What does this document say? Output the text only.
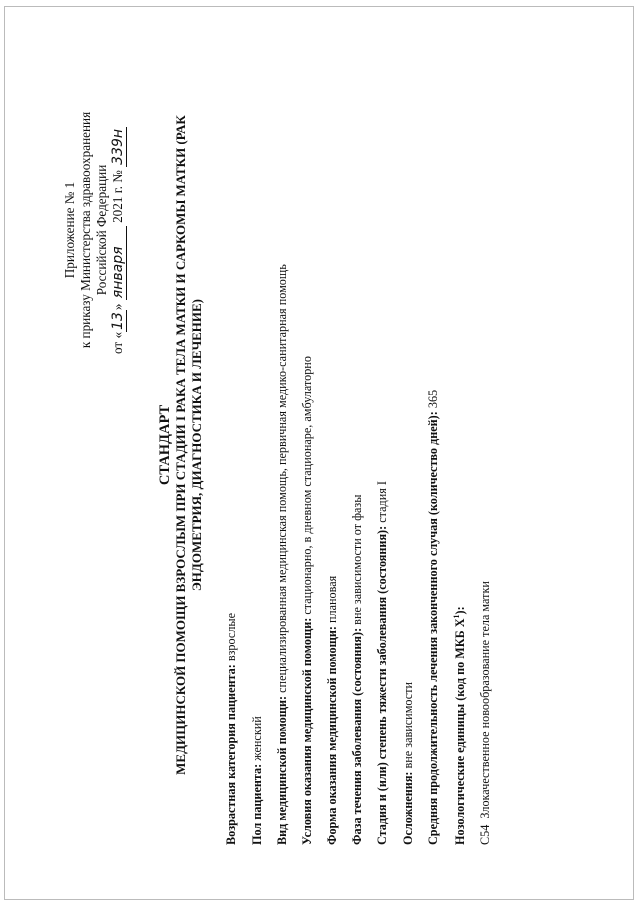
Приложение № 1 к приказу Министерства здравоохранения Российской Федерации
от «13» января 2021 г. № 339н
СТАНДАРТ МЕДИЦИНСКОЙ ПОМОЩИ ВЗРОСЛЫМ ПРИ СТАДИИ I РАКА ТЕЛА МАТКИ И САРКОМЫ МАТКИ (РАК ЭНДОМЕТРИЯ, ДИАГНОСТИКА И ЛЕЧЕНИЕ)
Возрастная категория пациента: взрослые
Пол пациента: женский Вид медицинской помощи: специализированная медицинская помощь, первичная медико-санитарная помощь
Условия оказания медицинской помощи: стационарно, в дневном стационаре, амбулаторно
Форма оказания медицинской помощи: плановая
Фаза течения заболевания (состояния): вне зависимости от фазы Стадия и (или) степень тяжести заболевания (состояния): стадия I
Осложнения: вне зависимости Средняя продолжительность лечения законченного случая (количество дней): 365
Нозологические единицы (код по МКБ $X^1$):
C54  Злокачественное новообразование тела матки
